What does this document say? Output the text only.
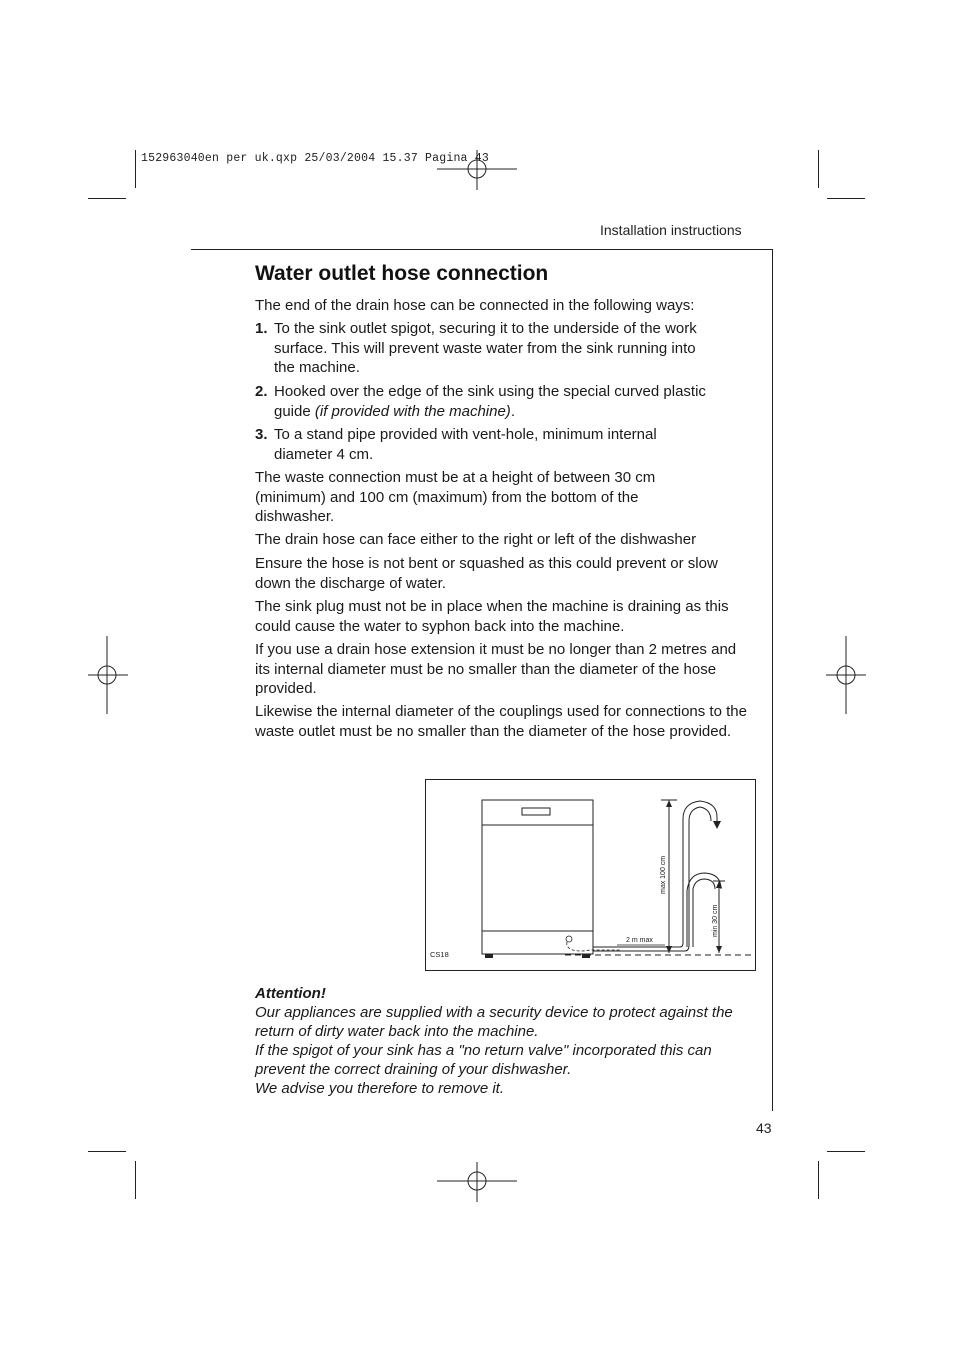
152963040en per uk.qxp 25/03/2004 15.37 Pagina 43
Installation instructions
Water outlet hose connection
The end of the drain hose can be connected in the following ways:
1. To the sink outlet spigot, securing it to the underside of the work surface. This will prevent waste water from the sink running into the machine.
2. Hooked over the edge of the sink using the special curved plastic guide (if provided with the machine).
3. To a stand pipe provided with vent-hole, minimum internal diameter 4 cm.
The waste connection must be at a height of between 30 cm (minimum) and 100 cm (maximum) from the bottom of the dishwasher.
The drain hose can face either to the right or left of the dishwasher
Ensure the hose is not bent or squashed as this could prevent or slow down the discharge of water.
The sink plug must not be in place when the machine is draining as this could cause the water to syphon back into the machine.
If you use a drain hose extension it must be no longer than 2 metres and its internal diameter must be no smaller than the diameter of the hose provided.
Likewise the internal diameter of the couplings used for connections to the waste outlet must be no smaller than the diameter of the hose provided.
2 m max
max 100 cm
min 30 cm
CS18
Attention!
Our appliances are supplied with a security device to protect against the return of dirty water back into the machine.
If the spigot of your sink has a "no return valve" incorporated this can prevent the correct draining of your dishwasher.
We advise you therefore to remove it.
43
